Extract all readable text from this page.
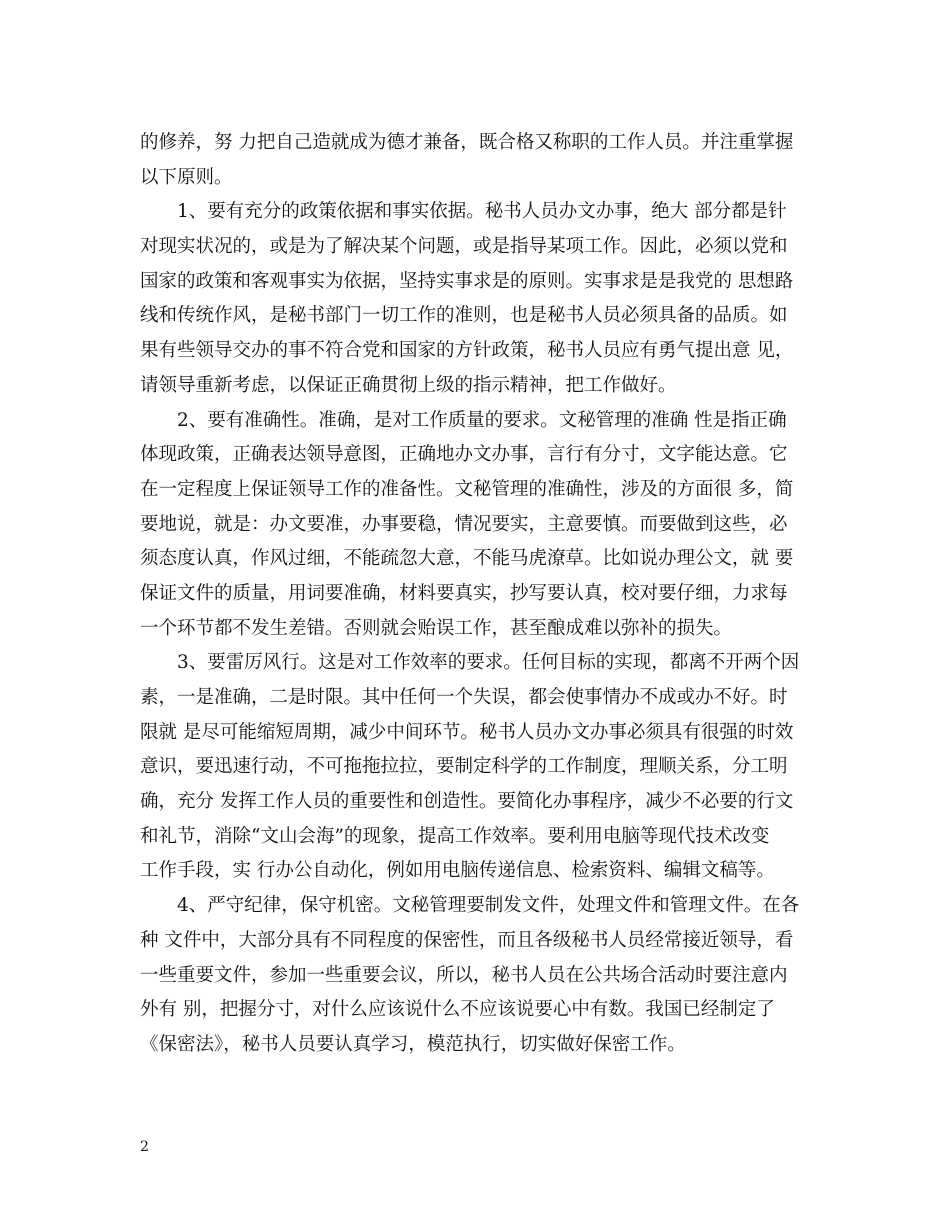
的修养，努 力把自己造就成为德才兼备，既合格又称职的工作人员。并注重掌握
以下原则。
1、要有充分的政策依据和事实依据。秘书人员办文办事，绝大 部分都是针
对现实状况的，或是为了解决某个问题，或是指导某项工作。因此，必须以党和
国家的政策和客观事实为依据，坚持实事求是的原则。实事求是是我党的 思想路
线和传统作风，是秘书部门一切工作的准则，也是秘书人员必须具备的品质。如
果有些领导交办的事不符合党和国家的方针政策，秘书人员应有勇气提出意 见，
请领导重新考虑，以保证正确贯彻上级的指示精神，把工作做好。
2、要有准确性。准确，是对工作质量的要求。文秘管理的准确 性是指正确
体现政策，正确表达领导意图，正确地办文办事，言行有分寸，文字能达意。它
在一定程度上保证领导工作的准备性。文秘管理的准确性，涉及的方面很 多，简
要地说，就是：办文要准，办事要稳，情况要实，主意要慎。而要做到这些，必
须态度认真，作风过细，不能疏忽大意，不能马虎潦草。比如说办理公文，就 要
保证文件的质量，用词要准确，材料要真实，抄写要认真，校对要仔细，力求每
一个环节都不发生差错。否则就会贻误工作，甚至酿成难以弥补的损失。
3、要雷厉风行。这是对工作效率的要求。任何目标的实现，都离不开两个因
素，一是准确，二是时限。其中任何一个失误，都会使事情办不成或办不好。时
限就 是尽可能缩短周期，减少中间环节。秘书人员办文办事必须具有很强的时效
意识，要迅速行动，不可拖拖拉拉，要制定科学的工作制度，理顺关系，分工明
确，充分 发挥工作人员的重要性和创造性。要简化办事程序，减少不必要的行文
和礼节，消除“文山会海”的现象，提高工作效率。要利用电脑等现代技术改变
工作手段，实 行办公自动化，例如用电脑传递信息、检索资料、编辑文稿等。
4、严守纪律，保守机密。文秘管理要制发文件，处理文件和管理文件。在各
种 文件中，大部分具有不同程度的保密性，而且各级秘书人员经常接近领导，看
一些重要文件，参加一些重要会议，所以，秘书人员在公共场合活动时要注意内
外有 别，把握分寸，对什么应该说什么不应该说要心中有数。我国已经制定了
《保密法》，秘书人员要认真学习，模范执行，切实做好保密工作。
2
